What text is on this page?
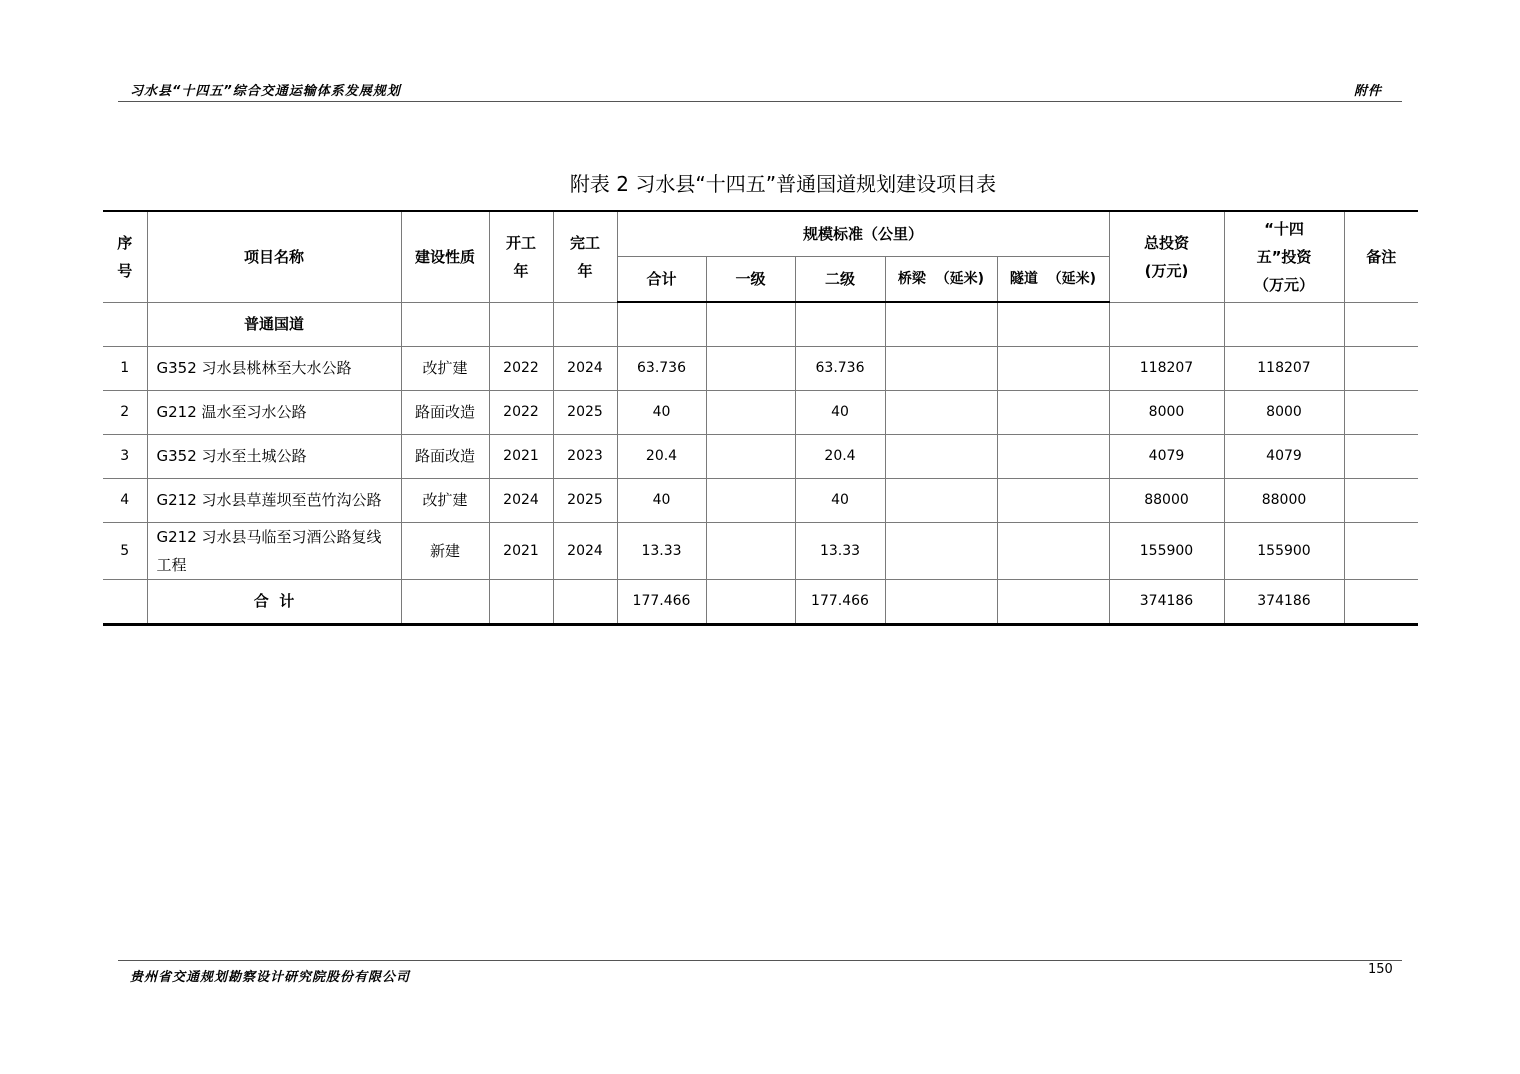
习水县“十四五”综合交通运输体系发展规划	附件
附表 2 习水县“十四五”普通国道规划建设项目表
序号	项目名称	建设性质	开工年	完工年	规模标准（公里）					总投资(万元)	“十四五”投资（万元）	备注
					合计	一级	二级	桥梁  （延米)	隧道  （延米)			
	普通国道											
1	G352 习水县桃林至大水公路	改扩建	2022	2024	63.736		63.736			118207	118207	
2	G212 温水至习水公路	路面改造	2022	2025	40		40			8000	8000	
3	G352 习水至土城公路	路面改造	2021	2023	20.4		20.4			4079	4079	
4	G212 习水县草莲坝至芭竹沟公路	改扩建	2024	2025	40		40			88000	88000	
5	G212 习水县马临至习酒公路复线工程	新建	2021	2024	13.33		13.33			155900	155900	
	合  计				177.466		177.466			374186	374186	
贵州省交通规划勘察设计研究院股份有限公司
150
